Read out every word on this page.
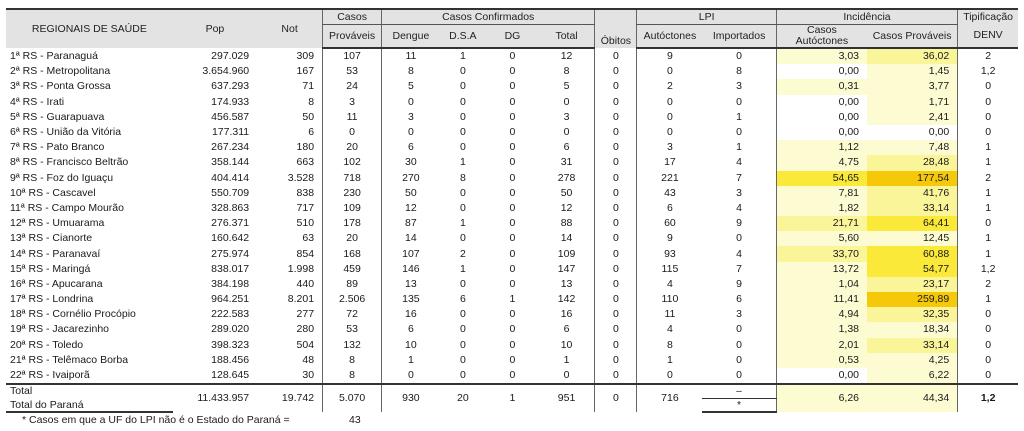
REGIONAIS DE SAÚDE	Pop	Not	Casos	Casos Confirmados				Óbitos	LPI		Incidência		Tipificação
			Prováveis	Dengue	D.S.A	DG	Total		Autóctones	Importados	Casos Autóctones	Casos Prováveis	DENV
1ª RS - Paranaguá	297.029	309	107	11	1	0	12	0	9	0	3,03	36,02	2
2ª RS - Metropolitana	3.654.960	167	53	8	0	0	8	0	0	8	0,00	1,45	1,2
3ª RS - Ponta Grossa	637.293	71	24	5	0	0	5	0	2	3	0,31	3,77	0
4ª RS - Irati	174.933	8	3	0	0	0	0	0	0	0	0,00	1,71	0
5ª RS - Guarapuava	456.587	50	11	3	0	0	3	0	0	1	0,00	2,41	0
6ª RS - União da Vitória	177.311	6	0	0	0	0	0	0	0	0	0,00	0,00	0
7ª RS - Pato Branco	267.234	180	20	6	0	0	6	0	3	1	1,12	7,48	1
8ª RS - Francisco Beltrão	358.144	663	102	30	1	0	31	0	17	4	4,75	28,48	1
9ª RS - Foz do Iguaçu	404.414	3.528	718	270	8	0	278	0	221	7	54,65	177,54	2
10ª RS - Cascavel	550.709	838	230	50	0	0	50	0	43	3	7,81	41,76	1
11ª RS - Campo Mourão	328.863	717	109	12	0	0	12	0	6	4	1,82	33,14	1
12ª RS - Umuarama	276.371	510	178	87	1	0	88	0	60	9	21,71	64,41	0
13ª RS - Cianorte	160.642	63	20	14	0	0	14	0	9	0	5,60	12,45	1
14ª RS - Paranavaí	275.974	854	168	107	2	0	109	0	93	4	33,70	60,88	1
15ª RS - Maringá	838.017	1.998	459	146	1	0	147	0	115	7	13,72	54,77	1,2
16ª RS - Apucarana	384.198	440	89	13	0	0	13	0	4	9	1,04	23,17	2
17ª RS - Londrina	964.251	8.201	2.506	135	6	1	142	0	110	6	11,41	259,89	1
18ª RS - Cornélio Procópio	222.583	277	72	16	0	0	16	0	11	3	4,94	32,35	0
19ª RS - Jacarezinho	289.020	280	53	6	0	0	6	0	4	0	1,38	18,34	0
20ª RS - Toledo	398.323	504	132	10	0	0	10	0	8	0	2,01	33,14	0
21ª RS - Telêmaco Borba	188.456	48	8	1	0	0	1	0	1	0	0,53	4,25	0
22ª RS - Ivaiporã	128.645	30	8	0	0	0	0	0	0	0	0,00	6,22	0
Total	11.433.957	19.742	5.070	930	20	1	951	0	716	–	6,26	44,34	1,2
Total do Paraná										*			
* Casos em que a UF do LPI não é o Estado do Paraná =	43
